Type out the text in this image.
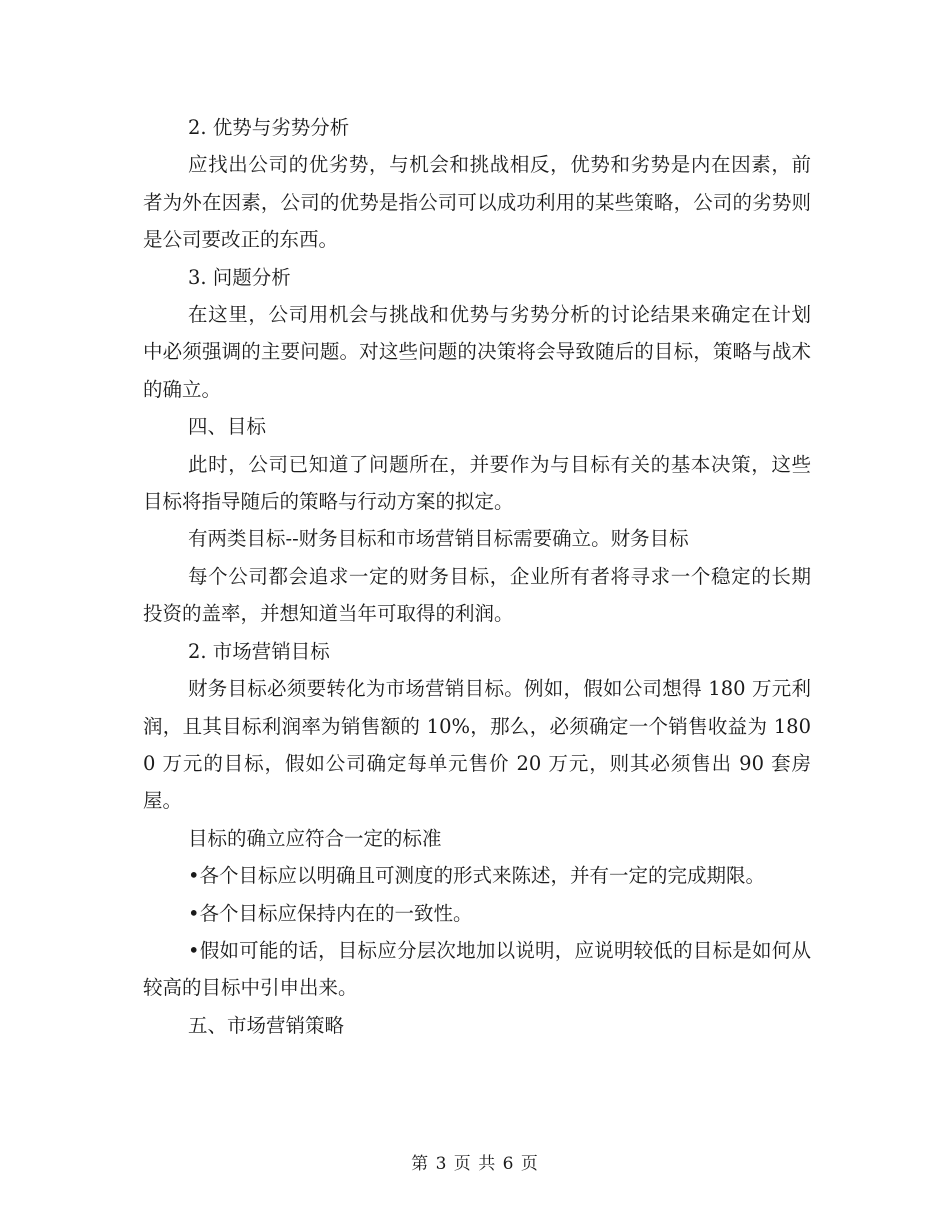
2. 优势与劣势分析

应找出公司的优劣势，与机会和挑战相反，优势和劣势是内在因素，前者为外在因素，公司的优势是指公司可以成功利用的某些策略，公司的劣势则是公司要改正的东西。

3. 问题分析

在这里，公司用机会与挑战和优势与劣势分析的讨论结果来确定在计划中必须强调的主要问题。对这些问题的决策将会导致随后的目标，策略与战术的确立。

四、目标

此时，公司已知道了问题所在，并要作为与目标有关的基本决策，这些目标将指导随后的策略与行动方案的拟定。

有两类目标--财务目标和市场营销目标需要确立。财务目标

每个公司都会追求一定的财务目标，企业所有者将寻求一个稳定的长期投资的盖率，并想知道当年可取得的利润。

2. 市场营销目标

财务目标必须要转化为市场营销目标。例如，假如公司想得 180 万元利润，且其目标利润率为销售额的 10%，那么，必须确定一个销售收益为 1800 万元的目标，假如公司确定每单元售价 20 万元，则其必须售出 90 套房屋。

目标的确立应符合一定的标准

•各个目标应以明确且可测度的形式来陈述，并有一定的完成期限。

•各个目标应保持内在的一致性。

•假如可能的话，目标应分层次地加以说明，应说明较低的目标是如何从较高的目标中引申出来。

五、市场营销策略

第 3 页 共 6 页
